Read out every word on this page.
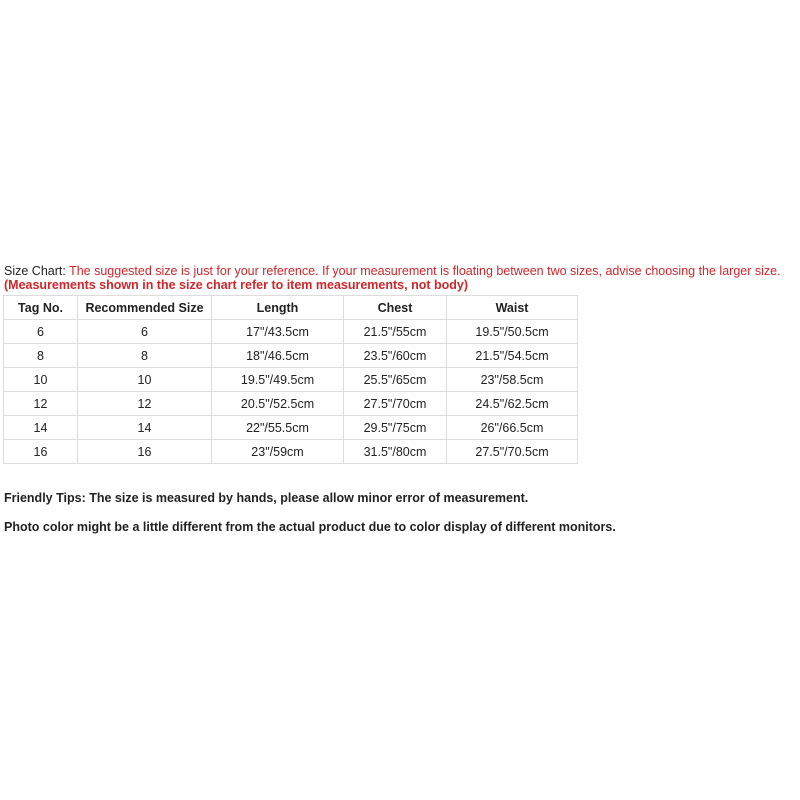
Size Chart: The suggested size is just for your reference. If your measurement is floating between two sizes, advise choosing the larger size. (Measurements shown in the size chart refer to item measurements, not body)
Tag No.	Recommended Size	Length	Chest	Waist
6	6	17"/43.5cm	21.5"/55cm	19.5"/50.5cm
8	8	18"/46.5cm	23.5"/60cm	21.5"/54.5cm
10	10	19.5"/49.5cm	25.5"/65cm	23"/58.5cm
12	12	20.5"/52.5cm	27.5"/70cm	24.5"/62.5cm
14	14	22"/55.5cm	29.5"/75cm	26"/66.5cm
16	16	23"/59cm	31.5"/80cm	27.5"/70.5cm
Friendly Tips: The size is measured by hands, please allow minor error of measurement.
Photo color might be a little different from the actual product due to color display of different monitors.
